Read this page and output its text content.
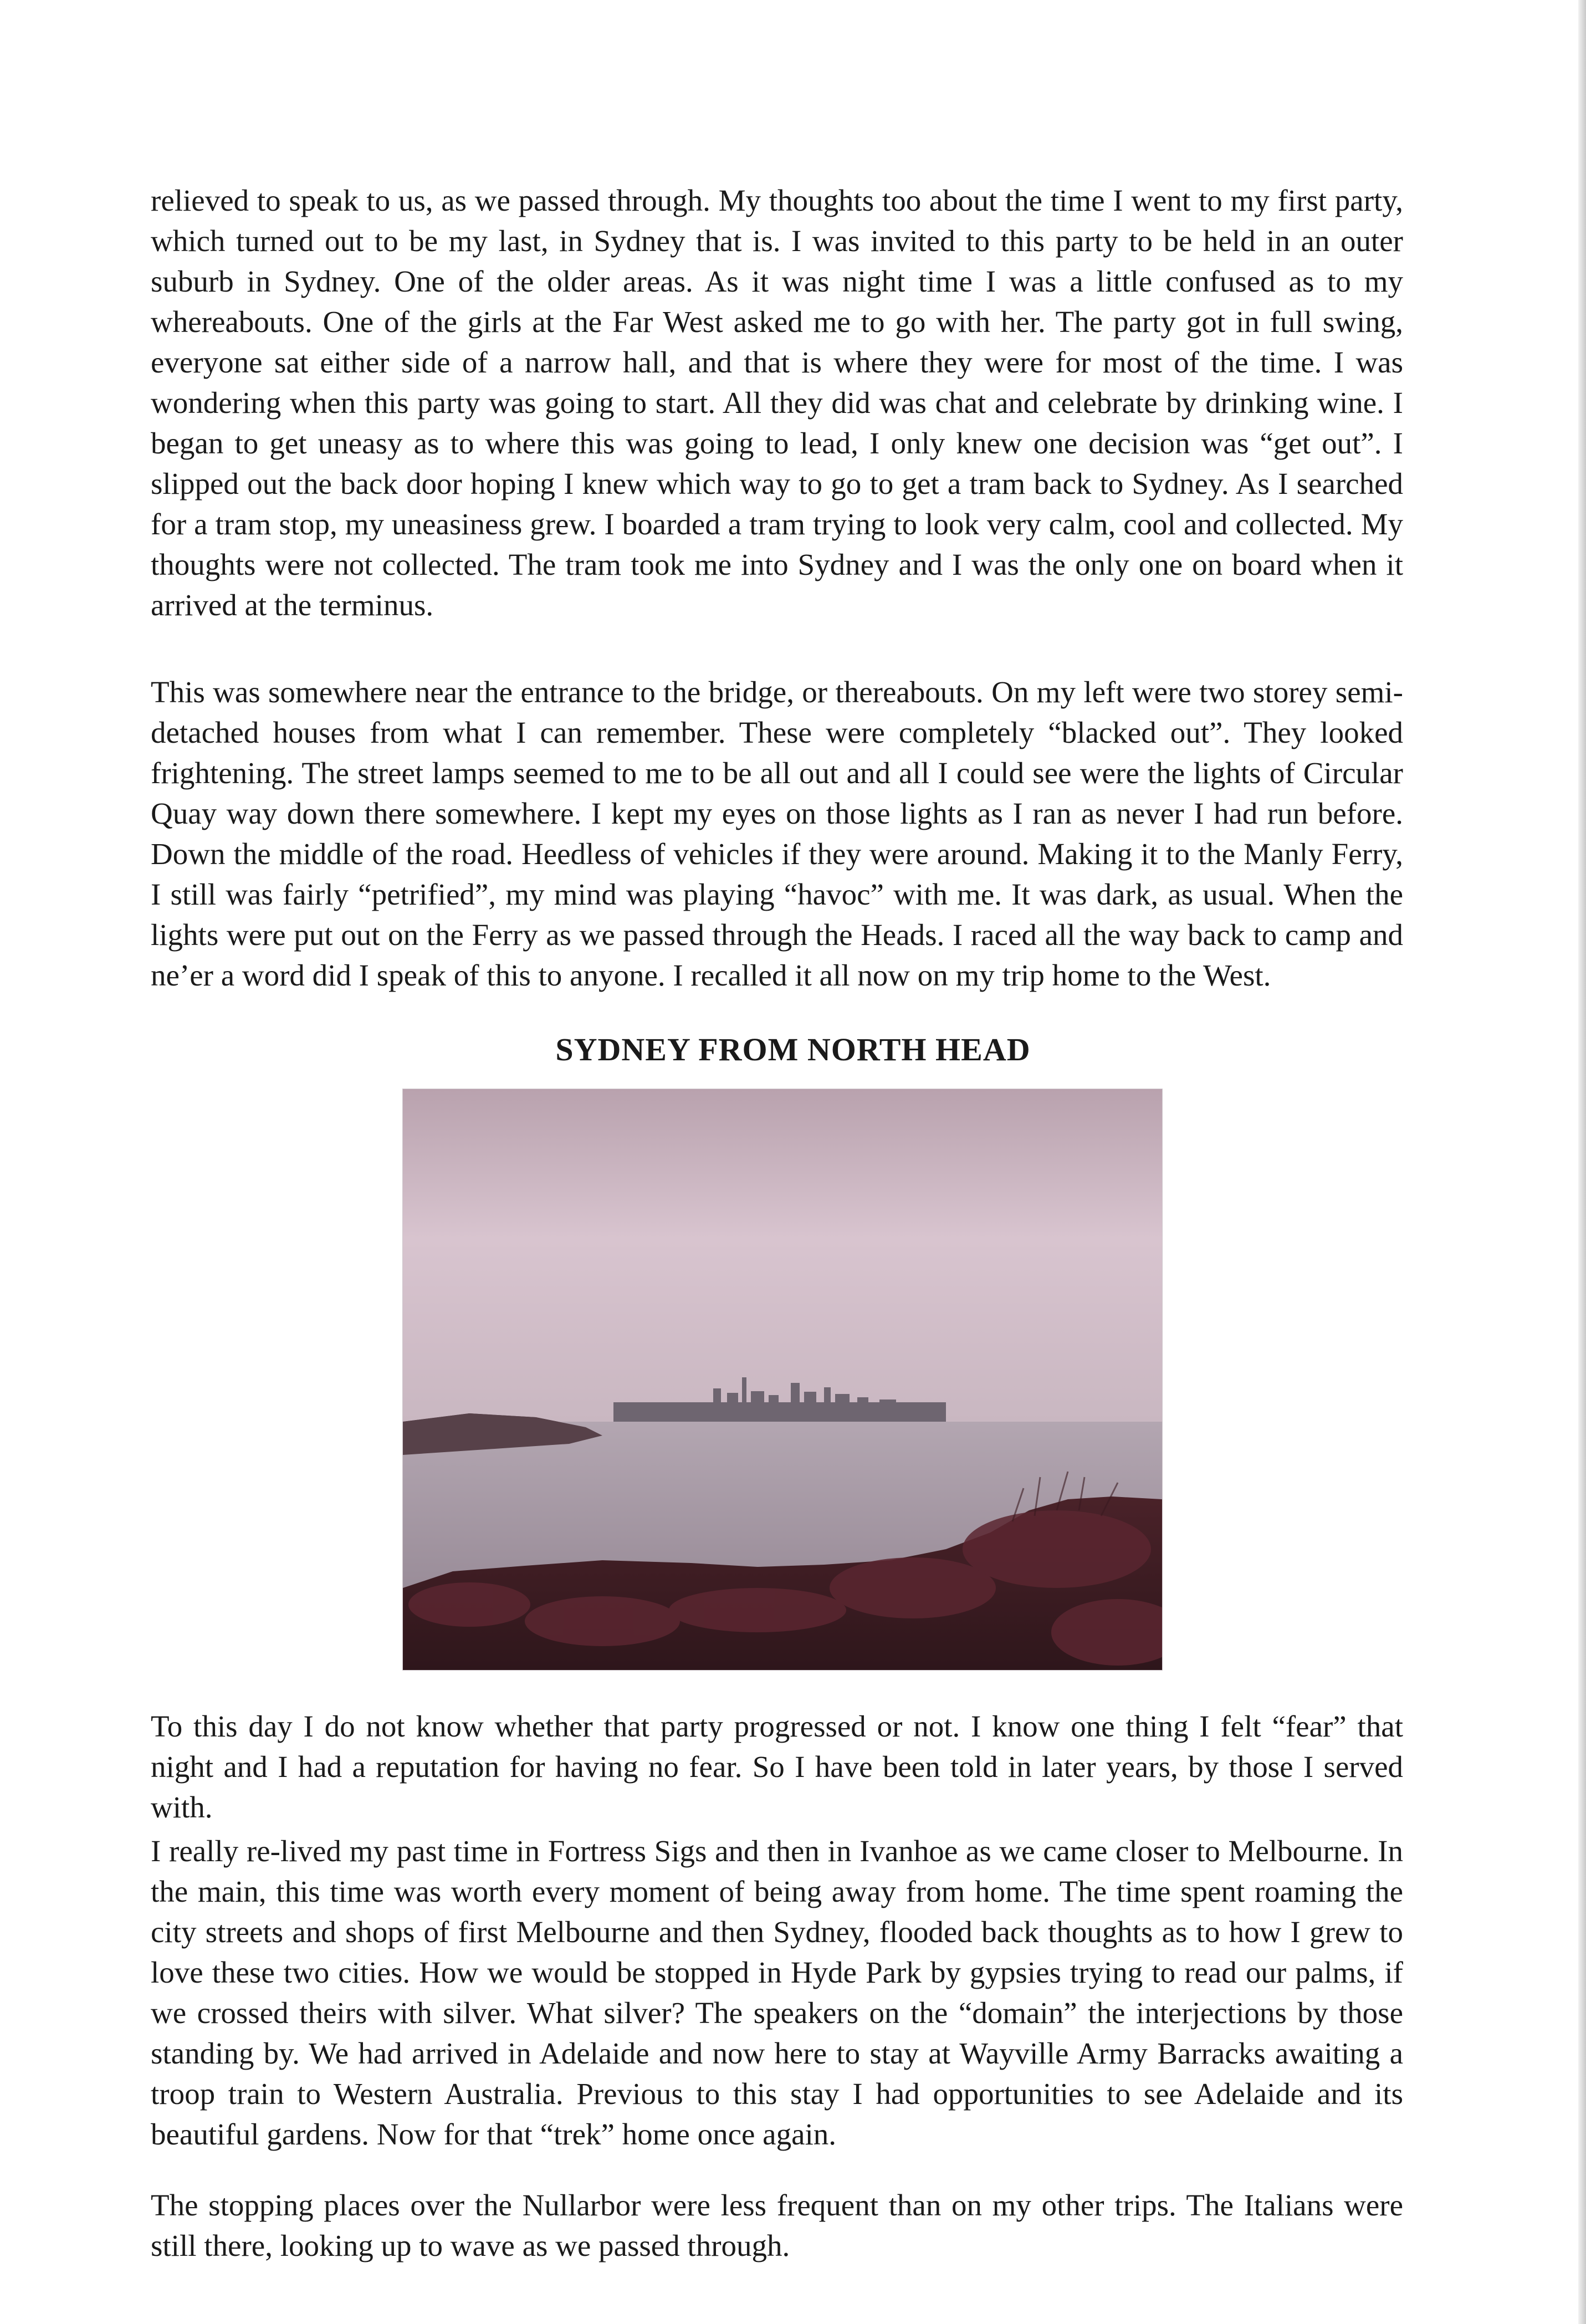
relieved to speak to us, as we passed through. My thoughts too about the time I went to my first party, which turned out to be my last, in Sydney that is. I was invited to this party to be held in an outer suburb in Sydney. One of the older areas. As it was night time I was a little confused as to my whereabouts. One of the girls at the Far West asked me to go with her. The party got in full swing, everyone sat either side of a narrow hall, and that is where they were for most of the time. I was wondering when this party was going to start. All they did was chat and celebrate by drinking wine. I began to get uneasy as to where this was going to lead, I only knew one decision was “get out”. I slipped out the back door hoping I knew which way to go to get a tram back to Sydney. As I searched for a tram stop, my uneasiness grew. I boarded a tram trying to look very calm, cool and collected. My thoughts were not collected. The tram took me into Sydney and I was the only one on board when it arrived at the terminus.

This was somewhere near the entrance to the bridge, or thereabouts. On my left were two storey semi-detached houses from what I can remember. These were completely “blacked out”. They looked frightening. The street lamps seemed to me to be all out and all I could see were the lights of Circular Quay way down there somewhere. I kept my eyes on those lights as I ran as never I had run before. Down the middle of the road. Heedless of vehicles if they were around. Making it to the Manly Ferry, I still was fairly “petrified”, my mind was playing “havoc” with me. It was dark, as usual. When the lights were put out on the Ferry as we passed through the Heads. I raced all the way back to camp and ne’er a word did I speak of this to anyone. I recalled it all now on my trip home to the West.

SYDNEY FROM NORTH HEAD

To this day I do not know whether that party progressed or not. I know one thing I felt “fear” that night and I had a reputation for having no fear. So I have been told in later years, by those I served with.

I really re-lived my past time in Fortress Sigs and then in Ivanhoe as we came closer to Melbourne. In the main, this time was worth every moment of being away from home. The time spent roaming the city streets and shops of first Melbourne and then Sydney, flooded back thoughts as to how I grew to love these two cities. How we would be stopped in Hyde Park by gypsies trying to read our palms, if we crossed theirs with silver. What silver? The speakers on the “domain” the interjections by those standing by. We had arrived in Adelaide and now here to stay at Wayville Army Barracks awaiting a troop train to Western Australia. Previous to this stay I had opportunities to see Adelaide and its beautiful gardens. Now for that “trek” home once again.

The stopping places over the Nullarbor were less frequent than on my other trips. The Italians were still there, looking up to wave as we passed through.
